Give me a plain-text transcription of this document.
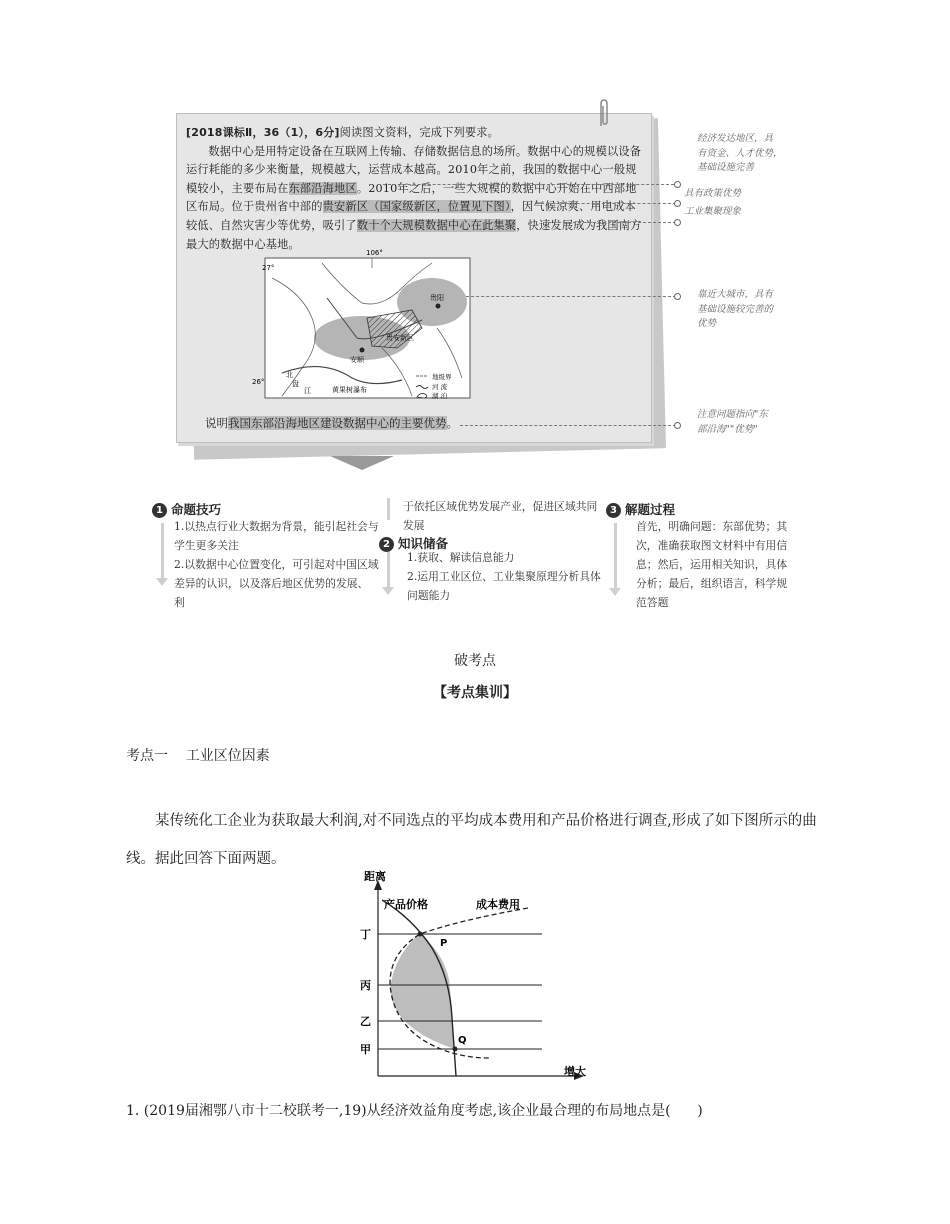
[2018课标Ⅱ，36（1），6分]阅读图文资料，完成下列要求。

数据中心是用特定设备在互联网上传输、存储数据信息的场所。数据中心的规模以设备运行耗能的多少来衡量，规模越大，运营成本越高。2010年之前，我国的数据中心一般规模较小，主要布局在东部沿海地区。2010年之后，一些大规模的数据中心开始在中西部地区布局。位于贵州省中部的贵安新区（国家级新区，位置见下图），因气候凉爽、用电成本较低、自然灾害少等优势，吸引了数十个大规模数据中心在此集聚，快速发展成为我国南方最大的数据中心基地。

106°
27°
26°
贵阳
安顺
贵安新区
北
盘
江	黄果树瀑布
地级界
河 流
湖 泊
说明我国东部沿海地区建设数据中心的主要优势。
经济发达地区，具
有资金、人才优势，
基础设施完善
具有政策优势
工业集聚现象
靠近大城市，具有
基础设施较完善的
优势
注意问题指向"东
部沿海""优势"
1 命题技巧
1.以热点行业大数据为背景，能引起社会与
学生更多关注
2.以数据中心位置变化，可引起对中国区域
差异的认识，以及落后地区优势的发展、利
于依托区域优势发展产业，促进区域共同
发展
2 知识储备
1.获取、解读信息能力
2.运用工业区位、工业集聚原理分析具体
问题能力
3 解题过程
首先，明确问题：东部优势；其
次，准确获取图文材料中有用信
息；然后，运用相关知识，具体
分析；最后，组织语言，科学规
范答题
破考点
【考点集训】
考点一    工业区位因素
某传统化工企业为获取最大利润,对不同选点的平均成本费用和产品价格进行调查,形成了如下图所示的曲线。据此回答下面两题。
距离
增大
甲
乙
丙
丁
P
Q
产品价格	成本费用
1. (2019届湘鄂八市十二校联考一,19)从经济效益角度考虑,该企业最合理的布局地点是(      )
